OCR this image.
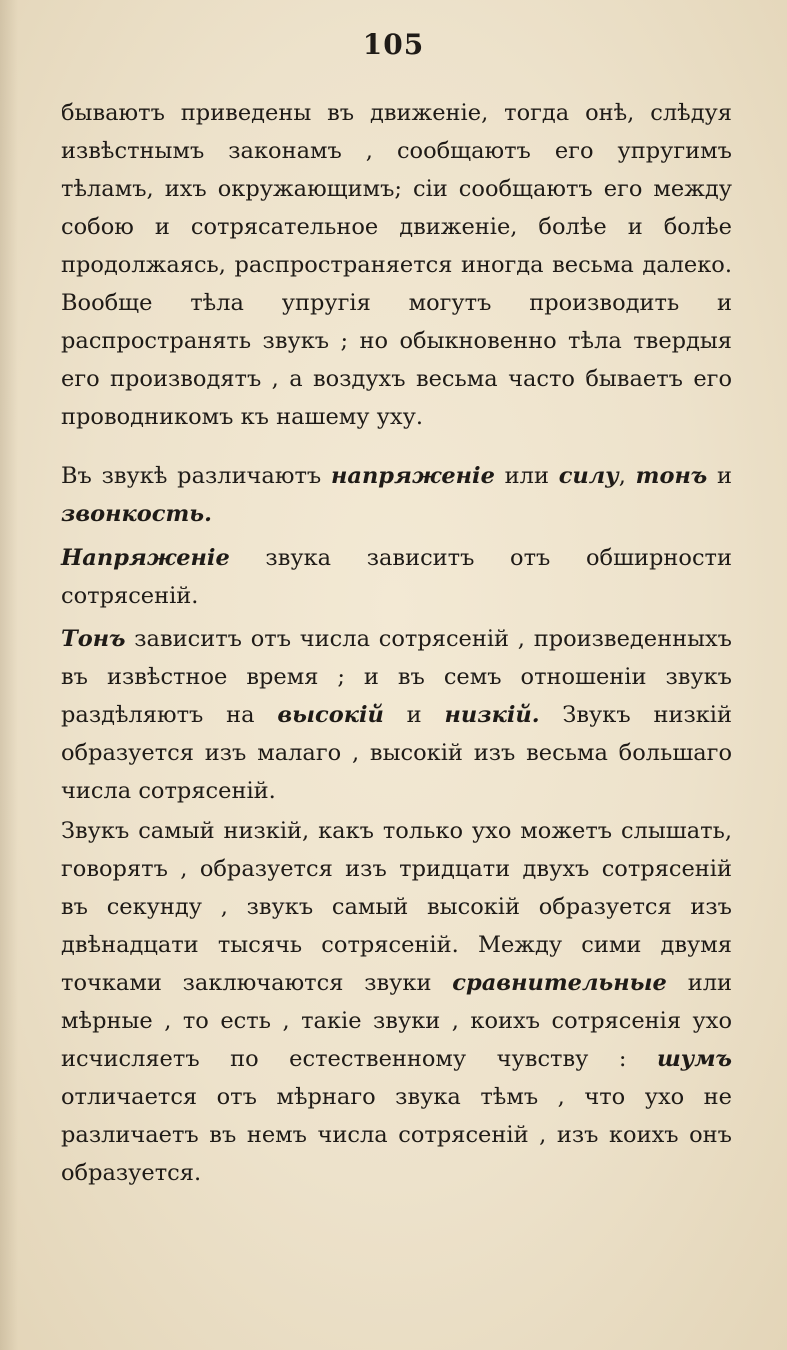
105

бываютъ приведены въ движенiе, тогда онѣ, слѣдуя извѣстнымъ законамъ , сообщаютъ его упругимъ тѣламъ, ихъ окружающимъ; сiи сообщаютъ его между собою и сотрясательное движенiе, болѣе и болѣе продолжаясь, распространяется иногда весьма далеко. Вообще тѣла упругiя могутъ производить и распространять звукъ ; но обыкновенно тѣла твердыя его производятъ , а воздухъ весьма часто бываетъ его проводникомъ къ нашему уху.

Въ звукѣ различаютъ напряженiе или силу, тонъ и звонкость.

Напряженiе звука зависитъ отъ обширности сотрясенiй.

Тонъ зависитъ отъ числа сотрясенiй , произведенныхъ въ извѣстное время ; и въ семъ отношенiи звукъ раздѣляютъ на высокiй и низкiй. Звукъ низкiй образуется изъ малаго , высокiй изъ весьма большаго числа сотрясенiй.

Звукъ самый низкiй, какъ только ухо можетъ слышать, говорятъ , образуется изъ тридцати двухъ сотрясенiй въ секунду , звукъ самый высокiй образуется изъ двѣнадцати тысячь сотрясенiй. Между сими двумя точками заключаются звуки сравнительные или мѣрные , то есть , такiе звуки , коихъ сотрясенiя ухо исчисляетъ по естественному чувству : шумъ отличается отъ мѣрнаго звука тѣмъ , что ухо не различаетъ въ немъ числа сотрясенiй , изъ коихъ онъ образуется.
